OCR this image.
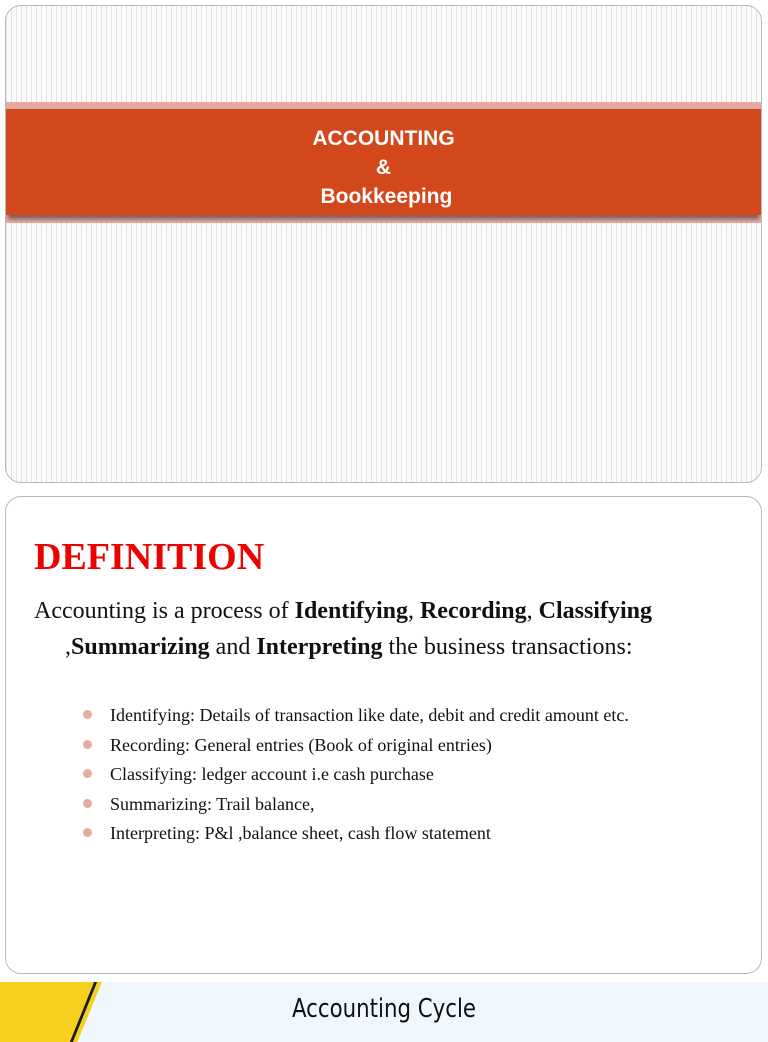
ACCOUNTING
&
Bookkeeping
DEFINITION
Accounting is a process of Identifying, Recording, Classifying ,Summarizing and Interpreting the business transactions:
Identifying: Details of transaction like date, debit and credit amount etc.
Recording: General entries (Book of original entries)
Classifying: ledger account i.e cash purchase
Summarizing: Trail balance,
Interpreting: P&l ,balance sheet, cash flow statement
Accounting Cycle
